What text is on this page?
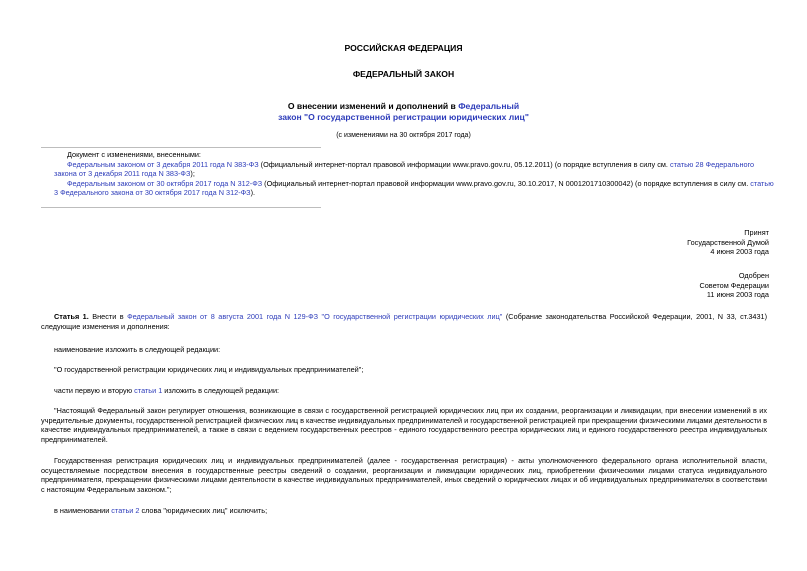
РОССИЙСКАЯ ФЕДЕРАЦИЯ
ФЕДЕРАЛЬНЫЙ ЗАКОН
О внесении изменений и дополнений в Федеральный
закон "О государственной регистрации юридических лиц"
(с изменениями на 30 октября 2017 года)

Документ с изменениями, внесенными:

Федеральным законом от 3 декабря 2011 года N 383-ФЗ (Официальный интернет-портал правовой информации www.pravo.gov.ru, 05.12.2011) (о порядке вступления в силу см. статью 28 Федерального закона от 3 декабря 2011 года N 383-ФЗ);

Федеральным законом от 30 октября 2017 года N 312-ФЗ (Официальный интернет-портал правовой информации www.pravo.gov.ru, 30.10.2017, N 0001201710300042) (о порядке вступления в силу см. статью 3 Федерального закона от 30 октября 2017 года N 312-ФЗ).

Принят
Государственной Думой
4 июня 2003 года
Одобрен
Советом Федерации
11 июня 2003 года

Статья 1. Внести в Федеральный закон от 8 августа 2001 года N 129-ФЗ "О государственной регистрации юридических лиц" (Собрание законодательства Российской Федерации, 2001, N 33, ст.3431) следующие изменения и дополнения:

наименование изложить в следующей редакции:
"О государственной регистрации юридических лиц и индивидуальных предпринимателей";
части первую и вторую статьи 1 изложить в следующей редакции:

"Настоящий Федеральный закон регулирует отношения, возникающие в связи с государственной регистрацией юридических лиц при их создании, реорганизации и ликвидации, при внесении изменений в их учредительные документы, государственной регистрацией физических лиц в качестве индивидуальных предпринимателей и государственной регистрацией при прекращении физическими лицами деятельности в качестве индивидуальных предпринимателей, а также в связи с ведением государственных реестров - единого государственного реестра юридических лиц и единого государственного реестра индивидуальных предпринимателей.

Государственная регистрация юридических лиц и индивидуальных предпринимателей (далее - государственная регистрация) - акты уполномоченного федерального органа исполнительной власти, осуществляемые посредством внесения в государственные реестры сведений о создании, реорганизации и ликвидации юридических лиц, приобретении физическими лицами статуса индивидуального предпринимателя, прекращении физическими лицами деятельности в качестве индивидуальных предпринимателей, иных сведений о юридических лицах и об индивидуальных предпринимателях в соответствии с настоящим Федеральным законом.";

в наименовании статьи 2 слова "юридических лиц" исключить;
